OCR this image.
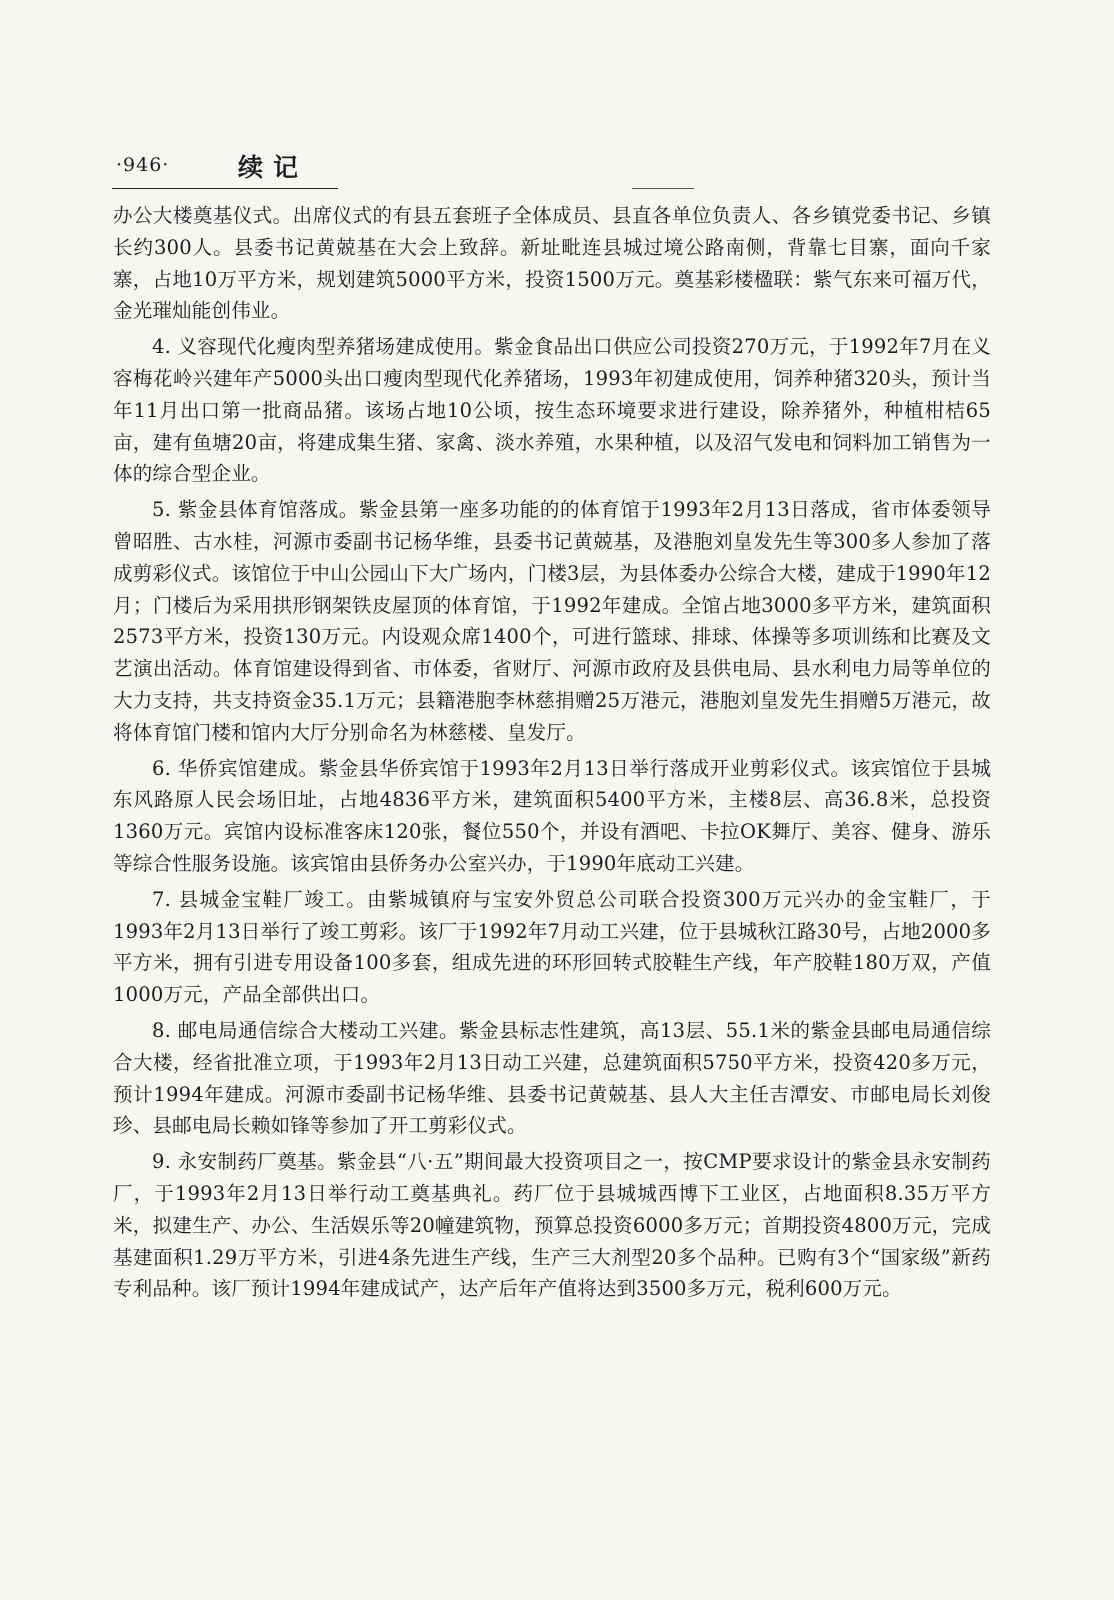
·946·	续记

办公大楼奠基仪式。出席仪式的有县五套班子全体成员、县直各单位负责人、各乡镇党委书记、乡镇长约300人。县委书记黄兢基在大会上致辞。新址毗连县城过境公路南侧，背靠七目寨，面向千家寨，占地10万平方米，规划建筑5000平方米，投资1500万元。奠基彩楼楹联：紫气东来可福万代，金光璀灿能创伟业。

4. 义容现代化瘦肉型养猪场建成使用。紫金食品出口供应公司投资270万元，于1992年7月在义容梅花岭兴建年产5000头出口瘦肉型现代化养猪场，1993年初建成使用，饲养种猪320头，预计当年11月出口第一批商品猪。该场占地10公顷，按生态环境要求进行建设，除养猪外，种植柑桔65亩，建有鱼塘20亩，将建成集生猪、家禽、淡水养殖，水果种植，以及沼气发电和饲料加工销售为一体的综合型企业。

5. 紫金县体育馆落成。紫金县第一座多功能的的体育馆于1993年2月13日落成，省市体委领导曾昭胜、古水桂，河源市委副书记杨华维，县委书记黄兢基，及港胞刘皇发先生等300多人参加了落成剪彩仪式。该馆位于中山公园山下大广场内，门楼3层，为县体委办公综合大楼，建成于1990年12月；门楼后为采用拱形钢架铁皮屋顶的体育馆，于1992年建成。全馆占地3000多平方米，建筑面积2573平方米，投资130万元。内设观众席1400个，可进行篮球、排球、体操等多项训练和比赛及文艺演出活动。体育馆建设得到省、市体委，省财厅、河源市政府及县供电局、县水利电力局等单位的大力支持，共支持资金35.1万元；县籍港胞李林慈捐赠25万港元，港胞刘皇发先生捐赠5万港元，故将体育馆门楼和馆内大厅分别命名为林慈楼、皇发厅。

6. 华侨宾馆建成。紫金县华侨宾馆于1993年2月13日举行落成开业剪彩仪式。该宾馆位于县城东风路原人民会场旧址，占地4836平方米，建筑面积5400平方米，主楼8层、高36.8米，总投资1360万元。宾馆内设标准客床120张，餐位550个，并设有酒吧、卡拉OK舞厅、美容、健身、游乐等综合性服务设施。该宾馆由县侨务办公室兴办，于1990年底动工兴建。

7. 县城金宝鞋厂竣工。由紫城镇府与宝安外贸总公司联合投资300万元兴办的金宝鞋厂，于1993年2月13日举行了竣工剪彩。该厂于1992年7月动工兴建，位于县城秋江路30号，占地2000多平方米，拥有引进专用设备100多套，组成先进的环形回转式胶鞋生产线，年产胶鞋180万双，产值1000万元，产品全部供出口。

8. 邮电局通信综合大楼动工兴建。紫金县标志性建筑，高13层、55.1米的紫金县邮电局通信综合大楼，经省批准立项，于1993年2月13日动工兴建，总建筑面积5750平方米，投资420多万元，预计1994年建成。河源市委副书记杨华维、县委书记黄兢基、县人大主任吉潭安、市邮电局长刘俊珍、县邮电局长赖如锋等参加了开工剪彩仪式。

9. 永安制药厂奠基。紫金县“八·五”期间最大投资项目之一，按CMP要求设计的紫金县永安制药厂，于1993年2月13日举行动工奠基典礼。药厂位于县城城西博下工业区，占地面积8.35万平方米，拟建生产、办公、生活娱乐等20幢建筑物，预算总投资6000多万元；首期投资4800万元，完成基建面积1.29万平方米，引进4条先进生产线，生产三大剂型20多个品种。已购有3个“国家级”新药专利品种。该厂预计1994年建成试产，达产后年产值将达到3500多万元，税利600万元。
